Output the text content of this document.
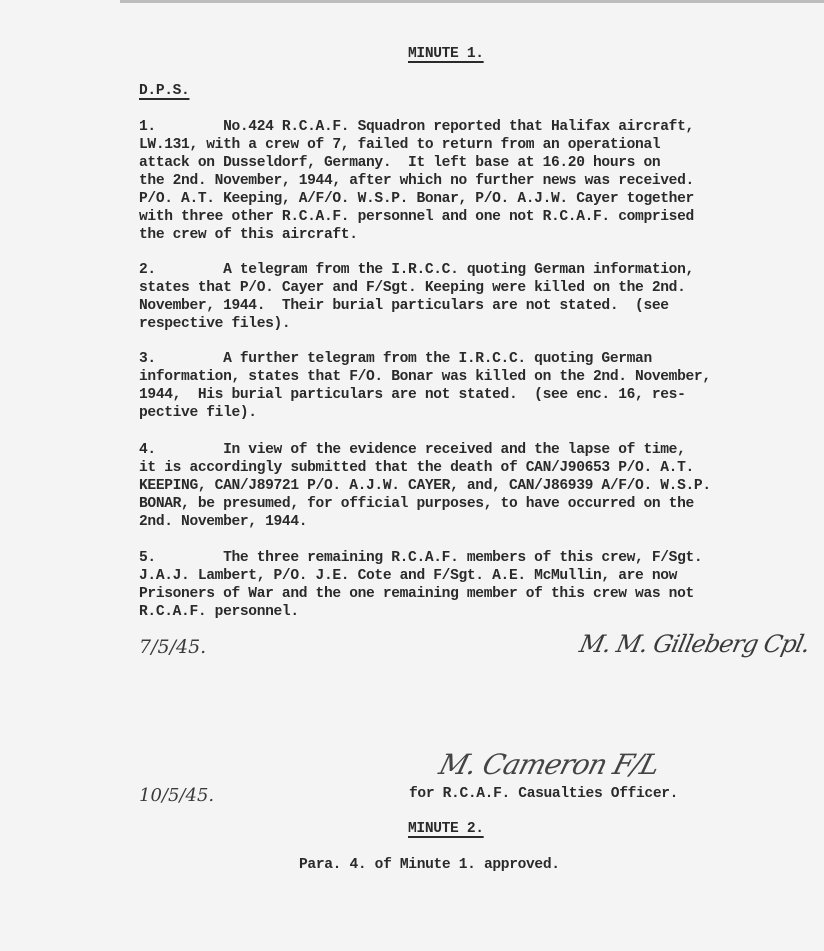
MINUTE 1.
D.P.S.
1.        No.424 R.C.A.F. Squadron reported that Halifax aircraft,
LW.131, with a crew of 7, failed to return from an operational
attack on Dusseldorf, Germany.  It left base at 16.20 hours on
the 2nd. November, 1944, after which no further news was received.
P/O. A.T. Keeping, A/F/O. W.S.P. Bonar, P/O. A.J.W. Cayer together
with three other R.C.A.F. personnel and one not R.C.A.F. comprised
the crew of this aircraft.
2.        A telegram from the I.R.C.C. quoting German information,
states that P/O. Cayer and F/Sgt. Keeping were killed on the 2nd.
November, 1944.  Their burial particulars are not stated.  (see
respective files).
3.        A further telegram from the I.R.C.C. quoting German
information, states that F/O. Bonar was killed on the 2nd. November,
1944,  His burial particulars are not stated.  (see enc. 16, res-
pective file).
4.        In view of the evidence received and the lapse of time,
it is accordingly submitted that the death of CAN/J90653 P/O. A.T.
KEEPING, CAN/J89721 P/O. A.J.W. CAYER, and, CAN/J86939 A/F/O. W.S.P.
BONAR, be presumed, for official purposes, to have occurred on the
2nd. November, 1944.
5.        The three remaining R.C.A.F. members of this crew, F/Sgt.
J.A.J. Lambert, P/O. J.E. Cote and F/Sgt. A.E. McMullin, are now
Prisoners of War and the one remaining member of this crew was not
R.C.A.F. personnel.
7/5/45.	M. M. Gilleberg Cpl.
10/5/45.
M. Cameron F/L
for R.C.A.F. Casualties Officer.
MINUTE 2.
Para. 4. of Minute 1. approved.
